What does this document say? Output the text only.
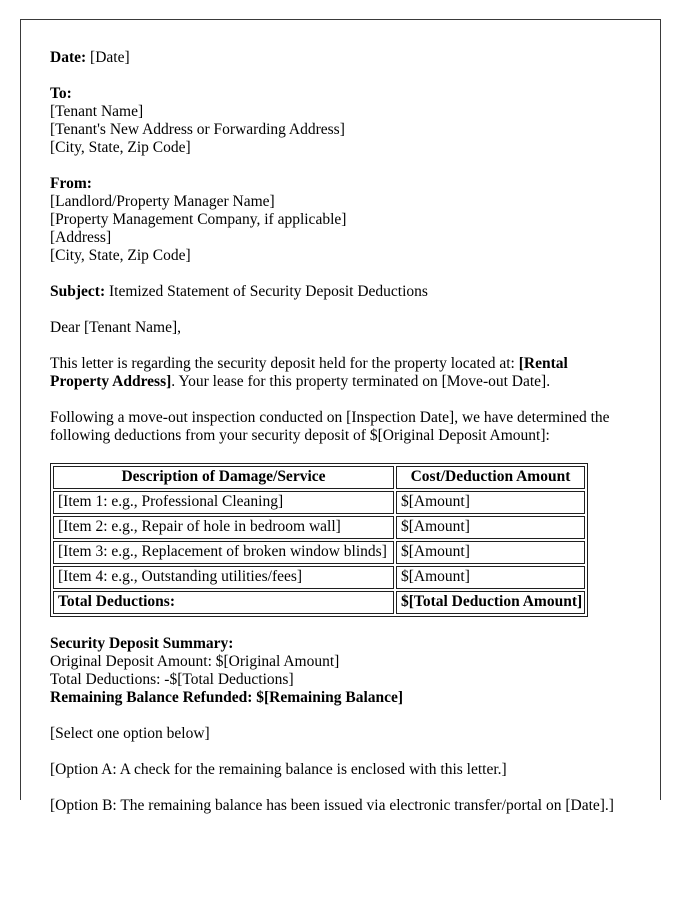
Date: [Date]

To:

[Tenant Name]

[Tenant's New Address or Forwarding Address]

[City, State, Zip Code]

From:

[Landlord/Property Manager Name]

[Property Management Company, if applicable]

[Address]

[City, State, Zip Code]

Subject: Itemized Statement of Security Deposit Deductions

Dear [Tenant Name],

This letter is regarding the security deposit held for the property located at: [Rental Property Address]. Your lease for this property terminated on [Move-out Date].

Following a move-out inspection conducted on [Inspection Date], we have determined the following deductions from your security deposit of $[Original Deposit Amount]:

Description of Damage/Service	Cost/Deduction Amount
[Item 1: e.g., Professional Cleaning]	$[Amount]
[Item 2: e.g., Repair of hole in bedroom wall]	$[Amount]
[Item 3: e.g., Replacement of broken window blinds]	$[Amount]
[Item 4: e.g., Outstanding utilities/fees]	$[Amount]
Total Deductions:	$[Total Deduction Amount]

Security Deposit Summary:

Original Deposit Amount: $[Original Amount]

Total Deductions: -$[Total Deductions]

Remaining Balance Refunded: $[Remaining Balance]

[Select one option below]

[Option A: A check for the remaining balance is enclosed with this letter.]

[Option B: The remaining balance has been issued via electronic transfer/portal on [Date].]
